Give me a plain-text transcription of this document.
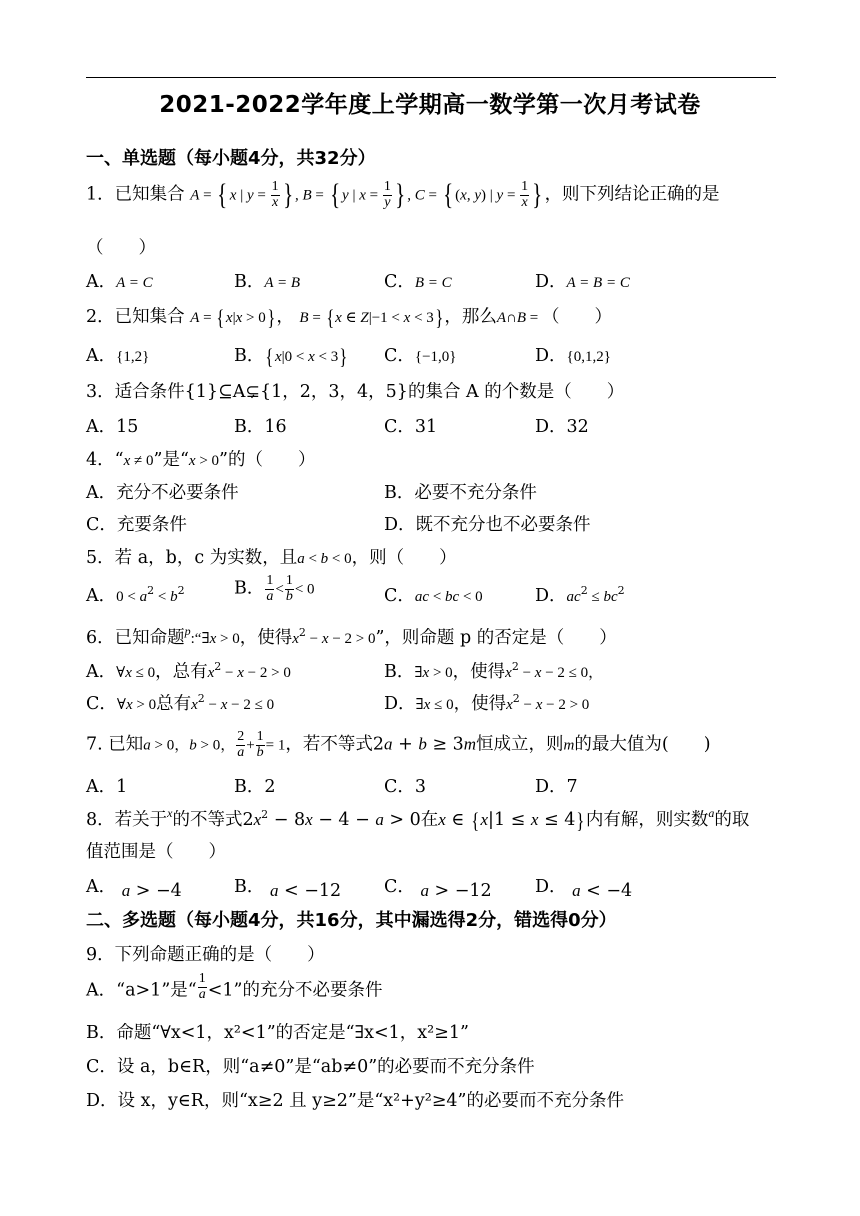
2021-2022学年度上学期高一数学第一次月考试卷
一、单选题（每小题4分，共32分）
1．已知集合 A = { x | $y = \frac{1}{x}$ } , B = { y | $x = \frac{1}{y}$ } , C = { (x, y) | $y = \frac{1}{x}$ } ，则下列结论正确的是
（　　）
A．A = C	B．A = B	C．B = C	D．A = B = C
2．已知集合 A = {x|x > 0}， B = {x ∈ Z|−1 < x < 3}，那么A∩B = （　　）
A．{1,2}	B．{x|0 < x < 3} C．{−1,0}	D．{0,1,2}
3．适合条件{1}⊆A⊊{1，2，3，4，5}的集合 A 的个数是（　　）
A．15	B．16	C．31	D．32
4．“x ≠ 0”是“x > 0”的（　　）
A．充分不必要条件	B．必要不充分条件
C．充要条件	D．既不充分也不必要条件
5．若 a，b，c 为实数，且a < b < 0，则（　　）
A．$0 < a^2 < b^2$	B． $\frac{1}{a} < \frac{1}{b} < 0$	C．ac < bc < 0	D．$ac^2 \le bc^2$
6．已知命题$^p$:“∃x > 0，使得$x^2 - x - 2 > 0$”，则命题 p 的否定是（　　）
A．∀x ≤ 0，总有$x^2 - x - 2 > 0$	B．∃x > 0，使得$x^2 - x - 2 \le 0$，
C．∀x > 0总有$x^2 - x - 2 \le 0$	D．∃x ≤ 0，使得$x^2 - x - 2 > 0$
7. 已知a > 0，b > 0， $\frac{2}{a} + \frac{1}{b} = 1$，若不等式2a + b ≥ 3m恒成立，则m的最大值为(　　)
A．1	B．2	C．3	D．7
8．若关于$^x$的不等式$2x^2 - 8x - 4 - a > 0$在x ∈ {x|1 ≤ x ≤ 4}内有解，则实数$^a$的取
值范围是（　　）
A． a > −4	B． a < −12 C． a > −12 D． a < −4
二、多选题（每小题4分，共16分，其中漏选得2分，错选得0分）
9．下列命题正确的是（　　）
A．“a>1”是“ $\frac{1}{a} <1$”的充分不必要条件
B．命题“∀x<1，x²<1”的否定是“∃x<1，x²≥1”
C．设 a，b∈R，则“a≠0”是“ab≠0”的必要而不充分条件
D．设 x，y∈R，则“x≥2 且 y≥2”是“x²+y²≥4”的必要而不充分条件
